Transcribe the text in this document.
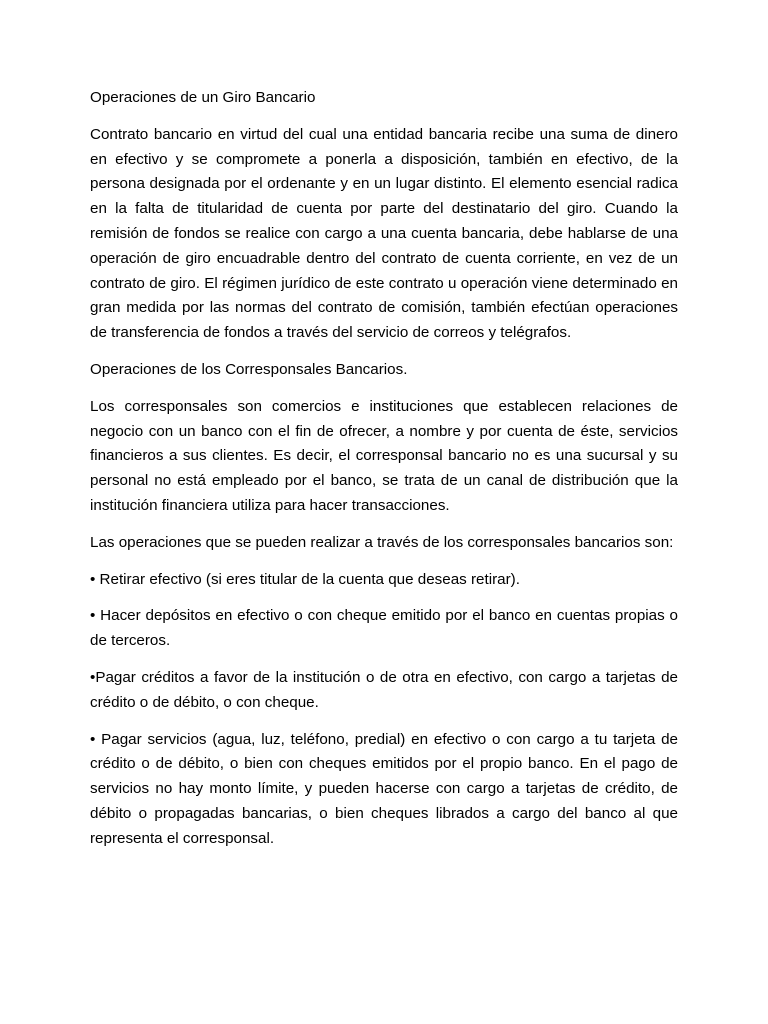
Operaciones de un Giro Bancario

Contrato bancario en virtud del cual una entidad bancaria recibe una suma de dinero en efectivo y se compromete a ponerla a disposición, también en efectivo, de la persona designada por el ordenante y en un lugar distinto. El elemento esencial radica en la falta de titularidad de cuenta por parte del destinatario del giro. Cuando la remisión de fondos se realice con cargo a una cuenta bancaria, debe hablarse de una operación de giro encuadrable dentro del contrato de cuenta corriente, en vez de un contrato de giro. El régimen jurídico de este contrato u operación viene determinado en gran medida por las normas del contrato de comisión, también efectúan operaciones de transferencia de fondos a través del servicio de correos y telégrafos.

Operaciones de los Corresponsales Bancarios.

Los corresponsales son comercios e instituciones que establecen relaciones de negocio con un banco con el fin de ofrecer, a nombre y por cuenta de éste, servicios financieros a sus clientes. Es decir, el corresponsal bancario no es una sucursal y su personal no está empleado por el banco, se trata de un canal de distribución que la institución financiera utiliza para hacer transacciones.

Las operaciones que se pueden realizar a través de los corresponsales bancarios son:

• Retirar efectivo (si eres titular de la cuenta que deseas retirar).

• Hacer depósitos en efectivo o con cheque emitido por el banco en cuentas propias o de terceros.

•Pagar créditos a favor de la institución o de otra en efectivo, con cargo a tarjetas de crédito o de débito, o con cheque.

• Pagar servicios (agua, luz, teléfono, predial) en efectivo o con cargo a tu tarjeta de crédito o de débito, o bien con cheques emitidos por el propio banco. En el pago de servicios no hay monto límite, y pueden hacerse con cargo a tarjetas de crédito, de débito o propagadas bancarias, o bien cheques librados a cargo del banco al que representa el corresponsal.
